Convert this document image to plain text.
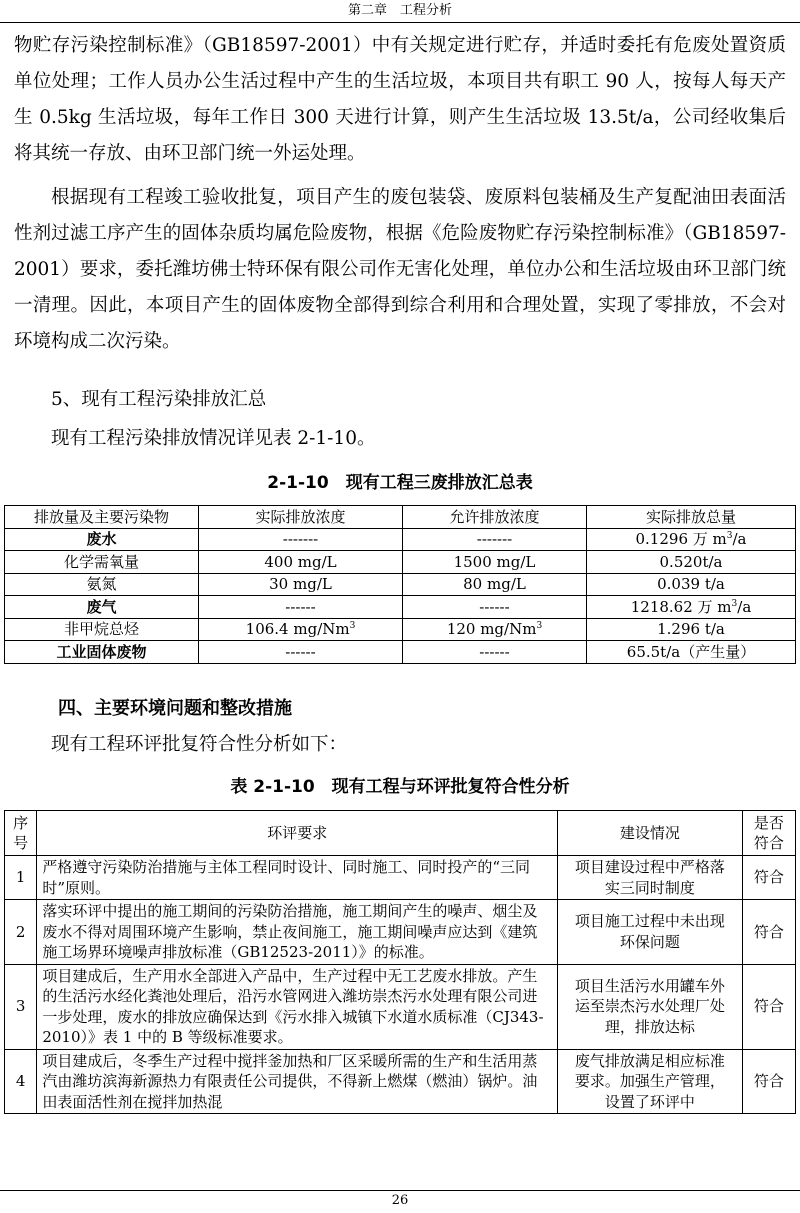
第二章　工程分析

物贮存污染控制标准》（GB18597-2001）中有关规定进行贮存，并适时委托有危废处置资质单位处理；工作人员办公生活过程中产生的生活垃圾，本项目共有职工 90 人，按每人每天产生 0.5kg 生活垃圾，每年工作日 300 天进行计算，则产生生活垃圾 13.5t/a，公司经收集后将其统一存放、由环卫部门统一外运处理。

根据现有工程竣工验收批复，项目产生的废包装袋、废原料包装桶及生产复配油田表面活性剂过滤工序产生的固体杂质均属危险废物，根据《危险废物贮存污染控制标准》（GB18597-2001）要求，委托潍坊佛士特环保有限公司作无害化处理，单位办公和生活垃圾由环卫部门统一清理。因此，本项目产生的固体废物全部得到综合利用和合理处置，实现了零排放，不会对环境构成二次污染。

5、现有工程污染排放汇总

现有工程污染排放情况详见表 2-1-10。

2-1-10　现有工程三废排放汇总表
排放量及主要污染物	实际排放浓度	允许排放浓度	实际排放总量
废水	-------	-------	0.1296 万 $m^3/a$
化学需氧量	400 mg/L	1500 mg/L	0.520t/a
氨氮	30 mg/L	80 mg/L	0.039 t/a
废气	------	------	1218.62 万 $m^3/a$
非甲烷总烃	106.4 mg/Nm$^3$	120 mg/Nm$^3$	1.296 t/a
工业固体废物	------	------	65.5t/a（产生量）
四、主要环境问题和整改措施

现有工程环评批复符合性分析如下：

表 2-1-10　现有工程与环评批复符合性分析
序号	环评要求	建设情况	是否符合
1	严格遵守污染防治措施与主体工程同时设计、同时施工、同时投产的“三同时”原则。	项目建设过程中严格落实三同时制度	符合
2	落实环评中提出的施工期间的污染防治措施，施工期间产生的噪声、烟尘及废水不得对周围环境产生影响，禁止夜间施工，施工期间噪声应达到《建筑施工场界环境噪声排放标准（GB12523-2011）》的标准。	项目施工过程中未出现环保问题	符合
3	项目建成后，生产用水全部进入产品中，生产过程中无工艺废水排放。产生的生活污水经化粪池处理后，沿污水管网进入潍坊崇杰污水处理有限公司进一步处理，废水的排放应确保达到《污水排入城镇下水道水质标准（CJ343-2010）》表 1 中的 B 等级标准要求。	项目生活污水用罐车外运至崇杰污水处理厂处理，排放达标	符合
4	项目建成后，冬季生产过程中搅拌釜加热和厂区采暖所需的生产和生活用蒸汽由潍坊滨海新源热力有限责任公司提供，不得新上燃煤（燃油）锅炉。油田表面活性剂在搅拌加热混	废气排放满足相应标准要求。加强生产管理，设置了环评中	符合
26
